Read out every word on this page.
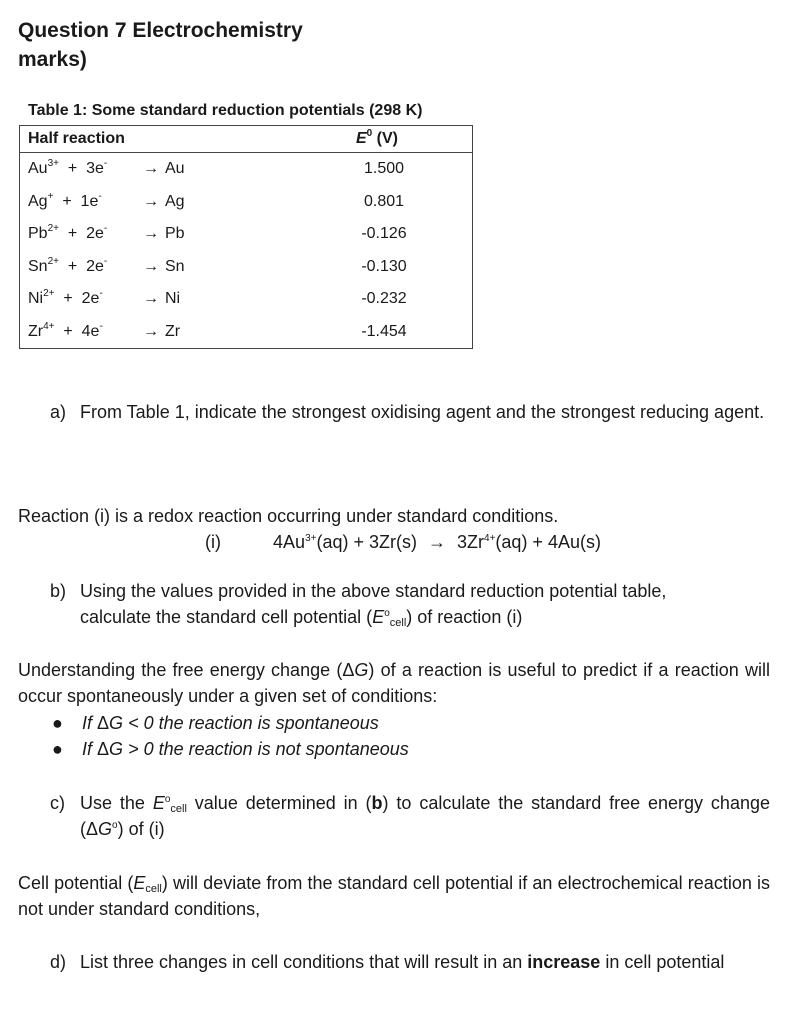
Question 7 Electrochemistry
marks)
Table 1: Some standard reduction potentials (298 K)
Half reaction		$E^0$ (V)
$Au^{3+} + 3e^-$	→ Au	1.500
Ag+ + 1e-	→ Ag	0.801
$Pb^{2+} + 2e^-$	→ Pb	-0.126
$Sn^{2+} + 2e^-$	→ Sn	-0.130
$Ni^{2+} + 2e^-$	→ Ni	-0.232
$Zr^{4+} + 4e^-$	→ Zr	-1.454
a) From Table 1, indicate the strongest oxidising agent and the strongest reducing agent.
Reaction (i) is a redox reaction occurring under standard conditions.
(i)	$4Au^{3+}(aq) + 3Zr(s) \to 3Zr^{4+}(aq) + 4Au(s)$
b) Using the values provided in the above standard reduction potential table,
calculate the standard cell potential $(E^o_{cell})$ of reaction (i)
Understanding the free energy change (ΔG) of a reaction is useful to predict if a reaction will occur spontaneously under a given set of conditions:
● If ΔG < 0 the reaction is spontaneous
● If ΔG > 0 the reaction is not spontaneous
c) Use the $E^o_{cell}$ value determined in (b) to calculate the standard free energy change $(\Delta G^o)$ of (i)
Cell potential $(E_{cell})$ will deviate from the standard cell potential if an electrochemical reaction is not under standard conditions,
d) List three changes in cell conditions that will result in an increase in cell potential
